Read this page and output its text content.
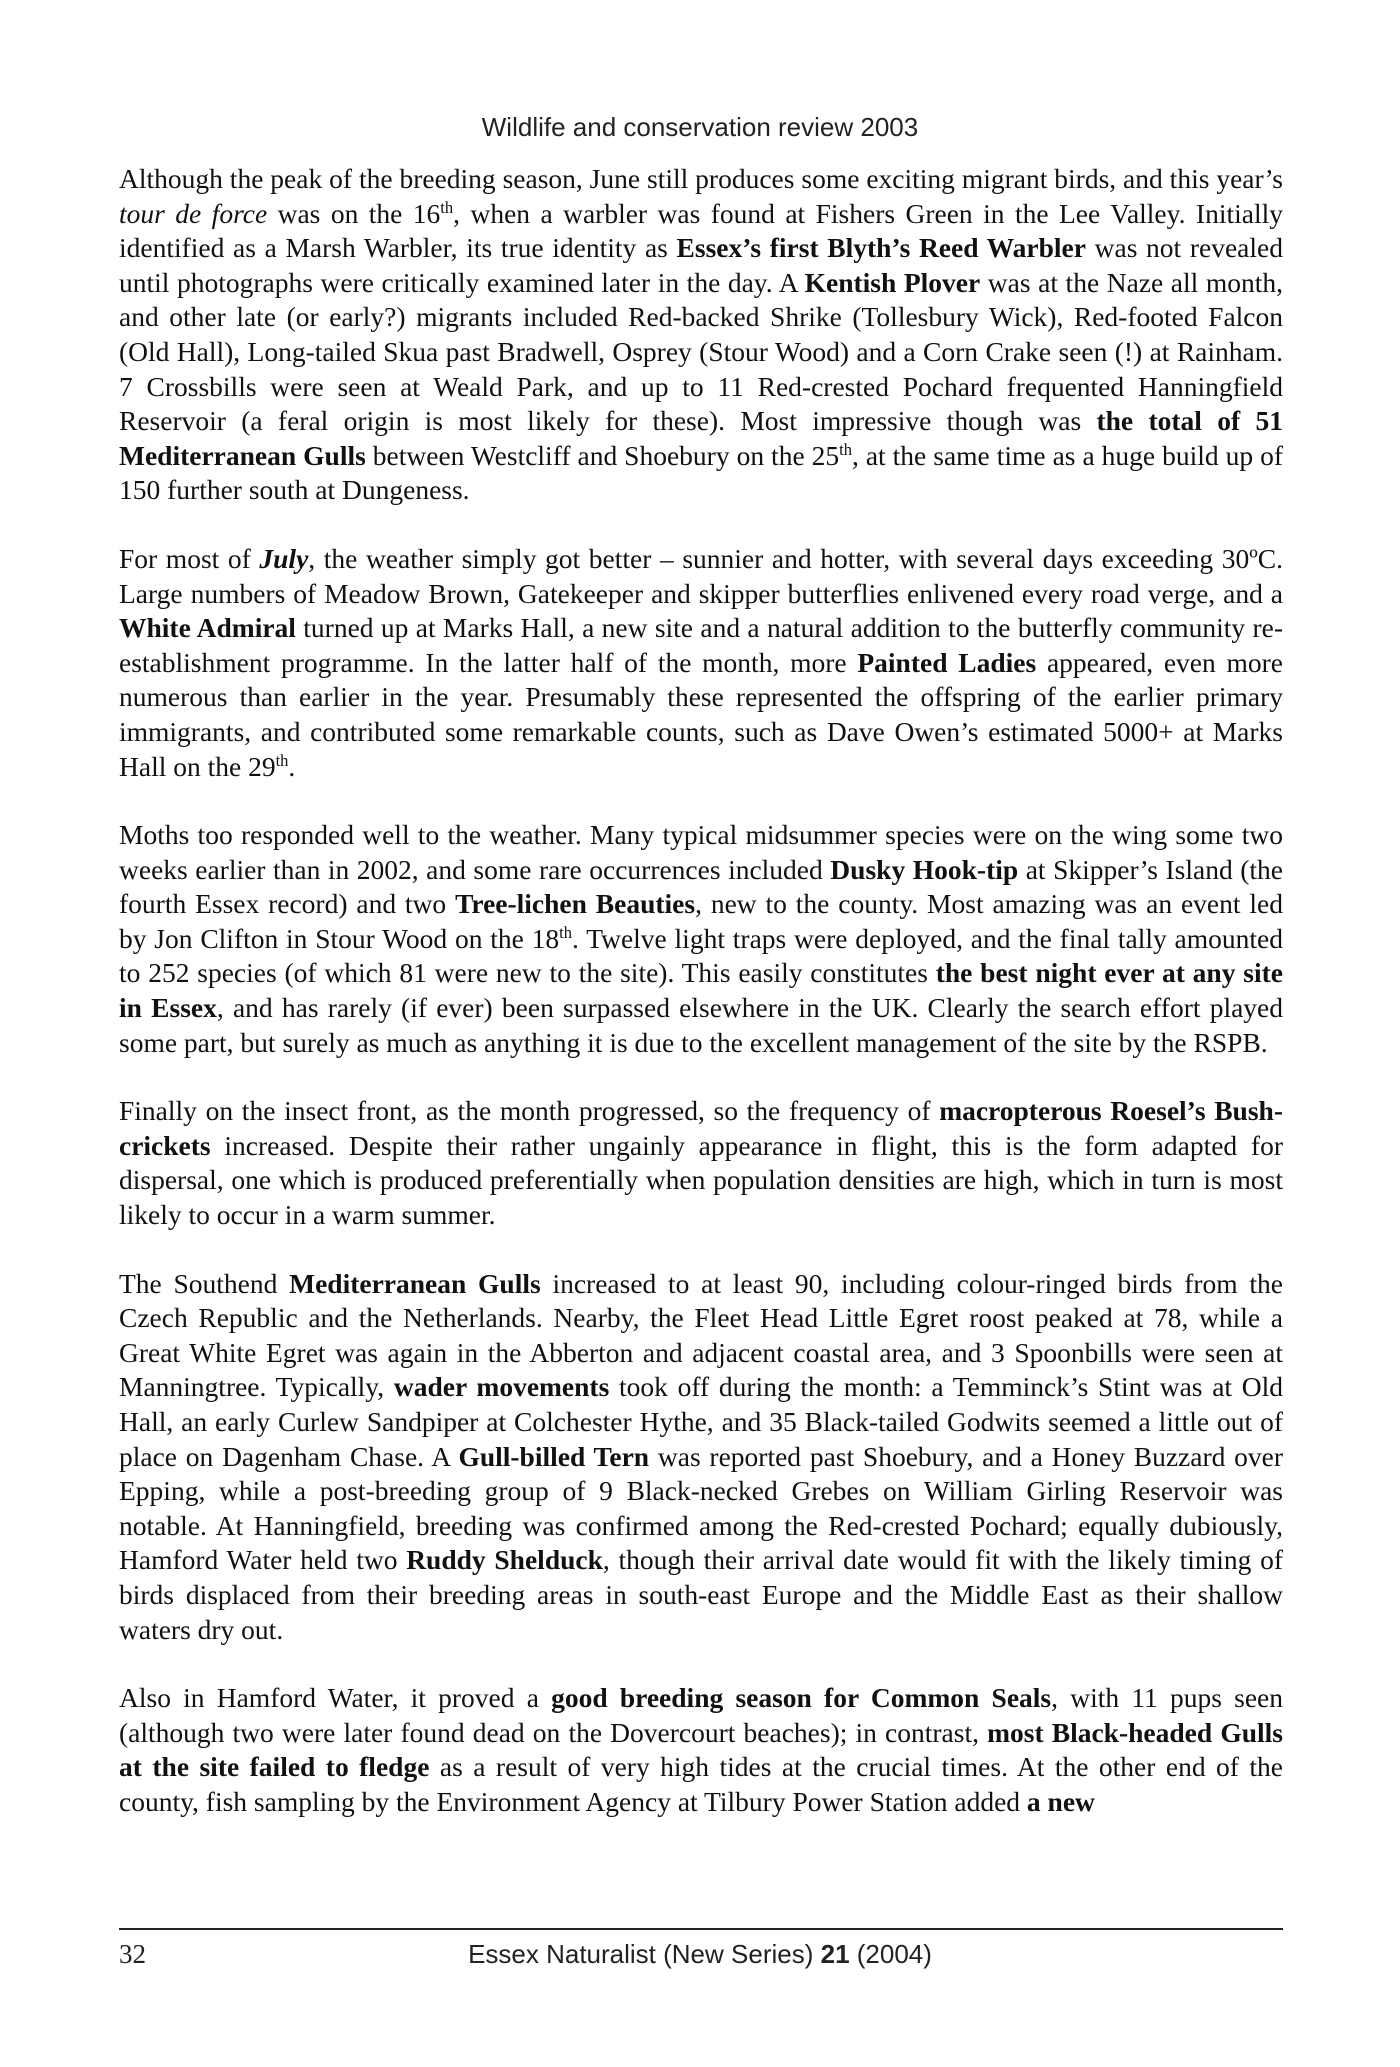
Wildlife and conservation review 2003

Although the peak of the breeding season, June still produces some exciting migrant birds, and this year’s tour de force was on the 16th, when a warbler was found at Fishers Green in the Lee Valley. Initially identified as a Marsh Warbler, its true identity as Essex’s first Blyth’s Reed Warbler was not revealed until photographs were critically examined later in the day. A Kentish Plover was at the Naze all month, and other late (or early?) migrants included Red-backed Shrike (Tollesbury Wick), Red-footed Falcon (Old Hall), Long-tailed Skua past Bradwell, Osprey (Stour Wood) and a Corn Crake seen (!) at Rainham. 7 Crossbills were seen at Weald Park, and up to 11 Red-crested Pochard frequented Hanningfield Reservoir (a feral origin is most likely for these). Most impressive though was the total of 51 Mediterranean Gulls between Westcliff and Shoebury on the 25th, at the same time as a huge build up of 150 further south at Dungeness.

For most of July, the weather simply got better – sunnier and hotter, with several days exceeding 30ºC. Large numbers of Meadow Brown, Gatekeeper and skipper butterflies enlivened every road verge, and a White Admiral turned up at Marks Hall, a new site and a natural addition to the butterfly community re-establishment programme. In the latter half of the month, more Painted Ladies appeared, even more numerous than earlier in the year. Presumably these represented the offspring of the earlier primary immigrants, and contributed some remarkable counts, such as Dave Owen’s estimated 5000+ at Marks Hall on the 29th.

Moths too responded well to the weather. Many typical midsummer species were on the wing some two weeks earlier than in 2002, and some rare occurrences included Dusky Hook-tip at Skipper’s Island (the fourth Essex record) and two Tree-lichen Beauties, new to the county. Most amazing was an event led by Jon Clifton in Stour Wood on the 18th. Twelve light traps were deployed, and the final tally amounted to 252 species (of which 81 were new to the site). This easily constitutes the best night ever at any site in Essex, and has rarely (if ever) been surpassed elsewhere in the UK. Clearly the search effort played some part, but surely as much as anything it is due to the excellent management of the site by the RSPB.

Finally on the insect front, as the month progressed, so the frequency of macropterous Roesel’s Bush-crickets increased. Despite their rather ungainly appearance in flight, this is the form adapted for dispersal, one which is produced preferentially when population densities are high, which in turn is most likely to occur in a warm summer.

The Southend Mediterranean Gulls increased to at least 90, including colour-ringed birds from the Czech Republic and the Netherlands. Nearby, the Fleet Head Little Egret roost peaked at 78, while a Great White Egret was again in the Abberton and adjacent coastal area, and 3 Spoonbills were seen at Manningtree. Typically, wader movements took off during the month: a Temminck’s Stint was at Old Hall, an early Curlew Sandpiper at Colchester Hythe, and 35 Black-tailed Godwits seemed a little out of place on Dagenham Chase. A Gull-billed Tern was reported past Shoebury, and a Honey Buzzard over Epping, while a post-breeding group of 9 Black-necked Grebes on William Girling Reservoir was notable. At Hanningfield, breeding was confirmed among the Red-crested Pochard; equally dubiously, Hamford Water held two Ruddy Shelduck, though their arrival date would fit with the likely timing of birds displaced from their breeding areas in south-east Europe and the Middle East as their shallow waters dry out.

Also in Hamford Water, it proved a good breeding season for Common Seals, with 11 pups seen (although two were later found dead on the Dovercourt beaches); in contrast, most Black-headed Gulls at the site failed to fledge as a result of very high tides at the crucial times. At the other end of the county, fish sampling by the Environment Agency at Tilbury Power Station added a new

32	Essex Naturalist (New Series) 21 (2004)
